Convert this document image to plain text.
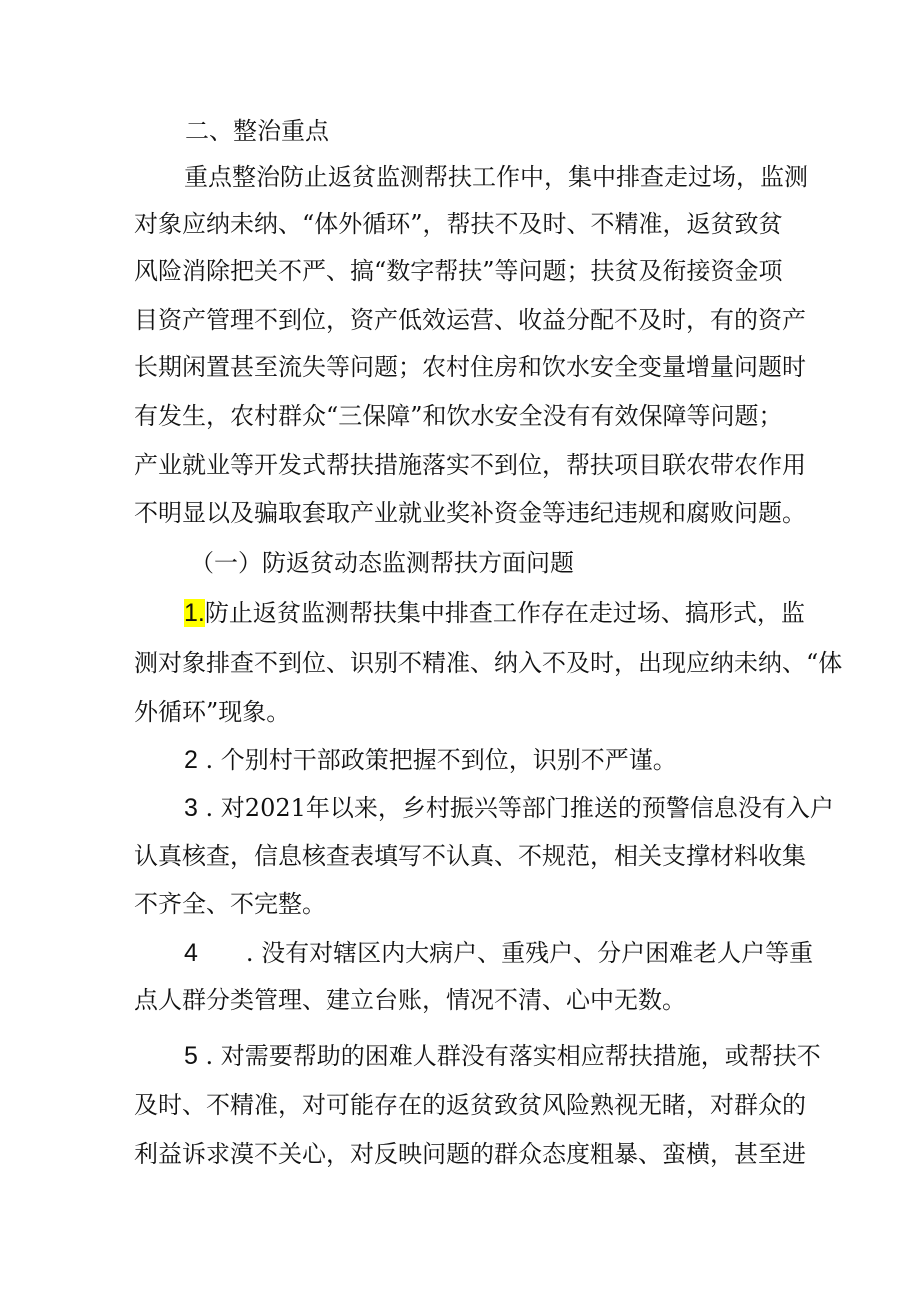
二、整治重点
重点整治防止返贫监测帮扶工作中，集中排查走过场，监测
对象应纳未纳、“体外循环”，帮扶不及时、不精准，返贫致贫
风险消除把关不严、搞“数字帮扶”等问题；扶贫及衔接资金项
目资产管理不到位，资产低效运营、收益分配不及时，有的资产
长期闲置甚至流失等问题；农村住房和饮水安全变量增量问题时
有发生，农村群众“三保障”和饮水安全没有有效保障等问题；
产业就业等开发式帮扶措施落实不到位，帮扶项目联农带农作用
不明显以及骗取套取产业就业奖补资金等违纪违规和腐败问题。
（一）防返贫动态监测帮扶方面问题
1.防止返贫监测帮扶集中排查工作存在走过场、搞形式，监
测对象排查不到位、识别不精准、纳入不及时，出现应纳未纳、“体
外循环”现象。
2 . 个别村干部政策把握不到位，识别不严谨。
3 . 对2021年以来，乡村振兴等部门推送的预警信息没有入户
认真核查，信息核查表填写不认真、不规范，相关支撑材料收集
不齐全、不完整。
4 . 没有对辖区内大病户、重残户、分户困难老人户等重
点人群分类管理、建立台账，情况不清、心中无数。
5 . 对需要帮助的困难人群没有落实相应帮扶措施，或帮扶不
及时、不精准，对可能存在的返贫致贫风险熟视无睹，对群众的
利益诉求漠不关心，对反映问题的群众态度粗暴、蛮横，甚至进
